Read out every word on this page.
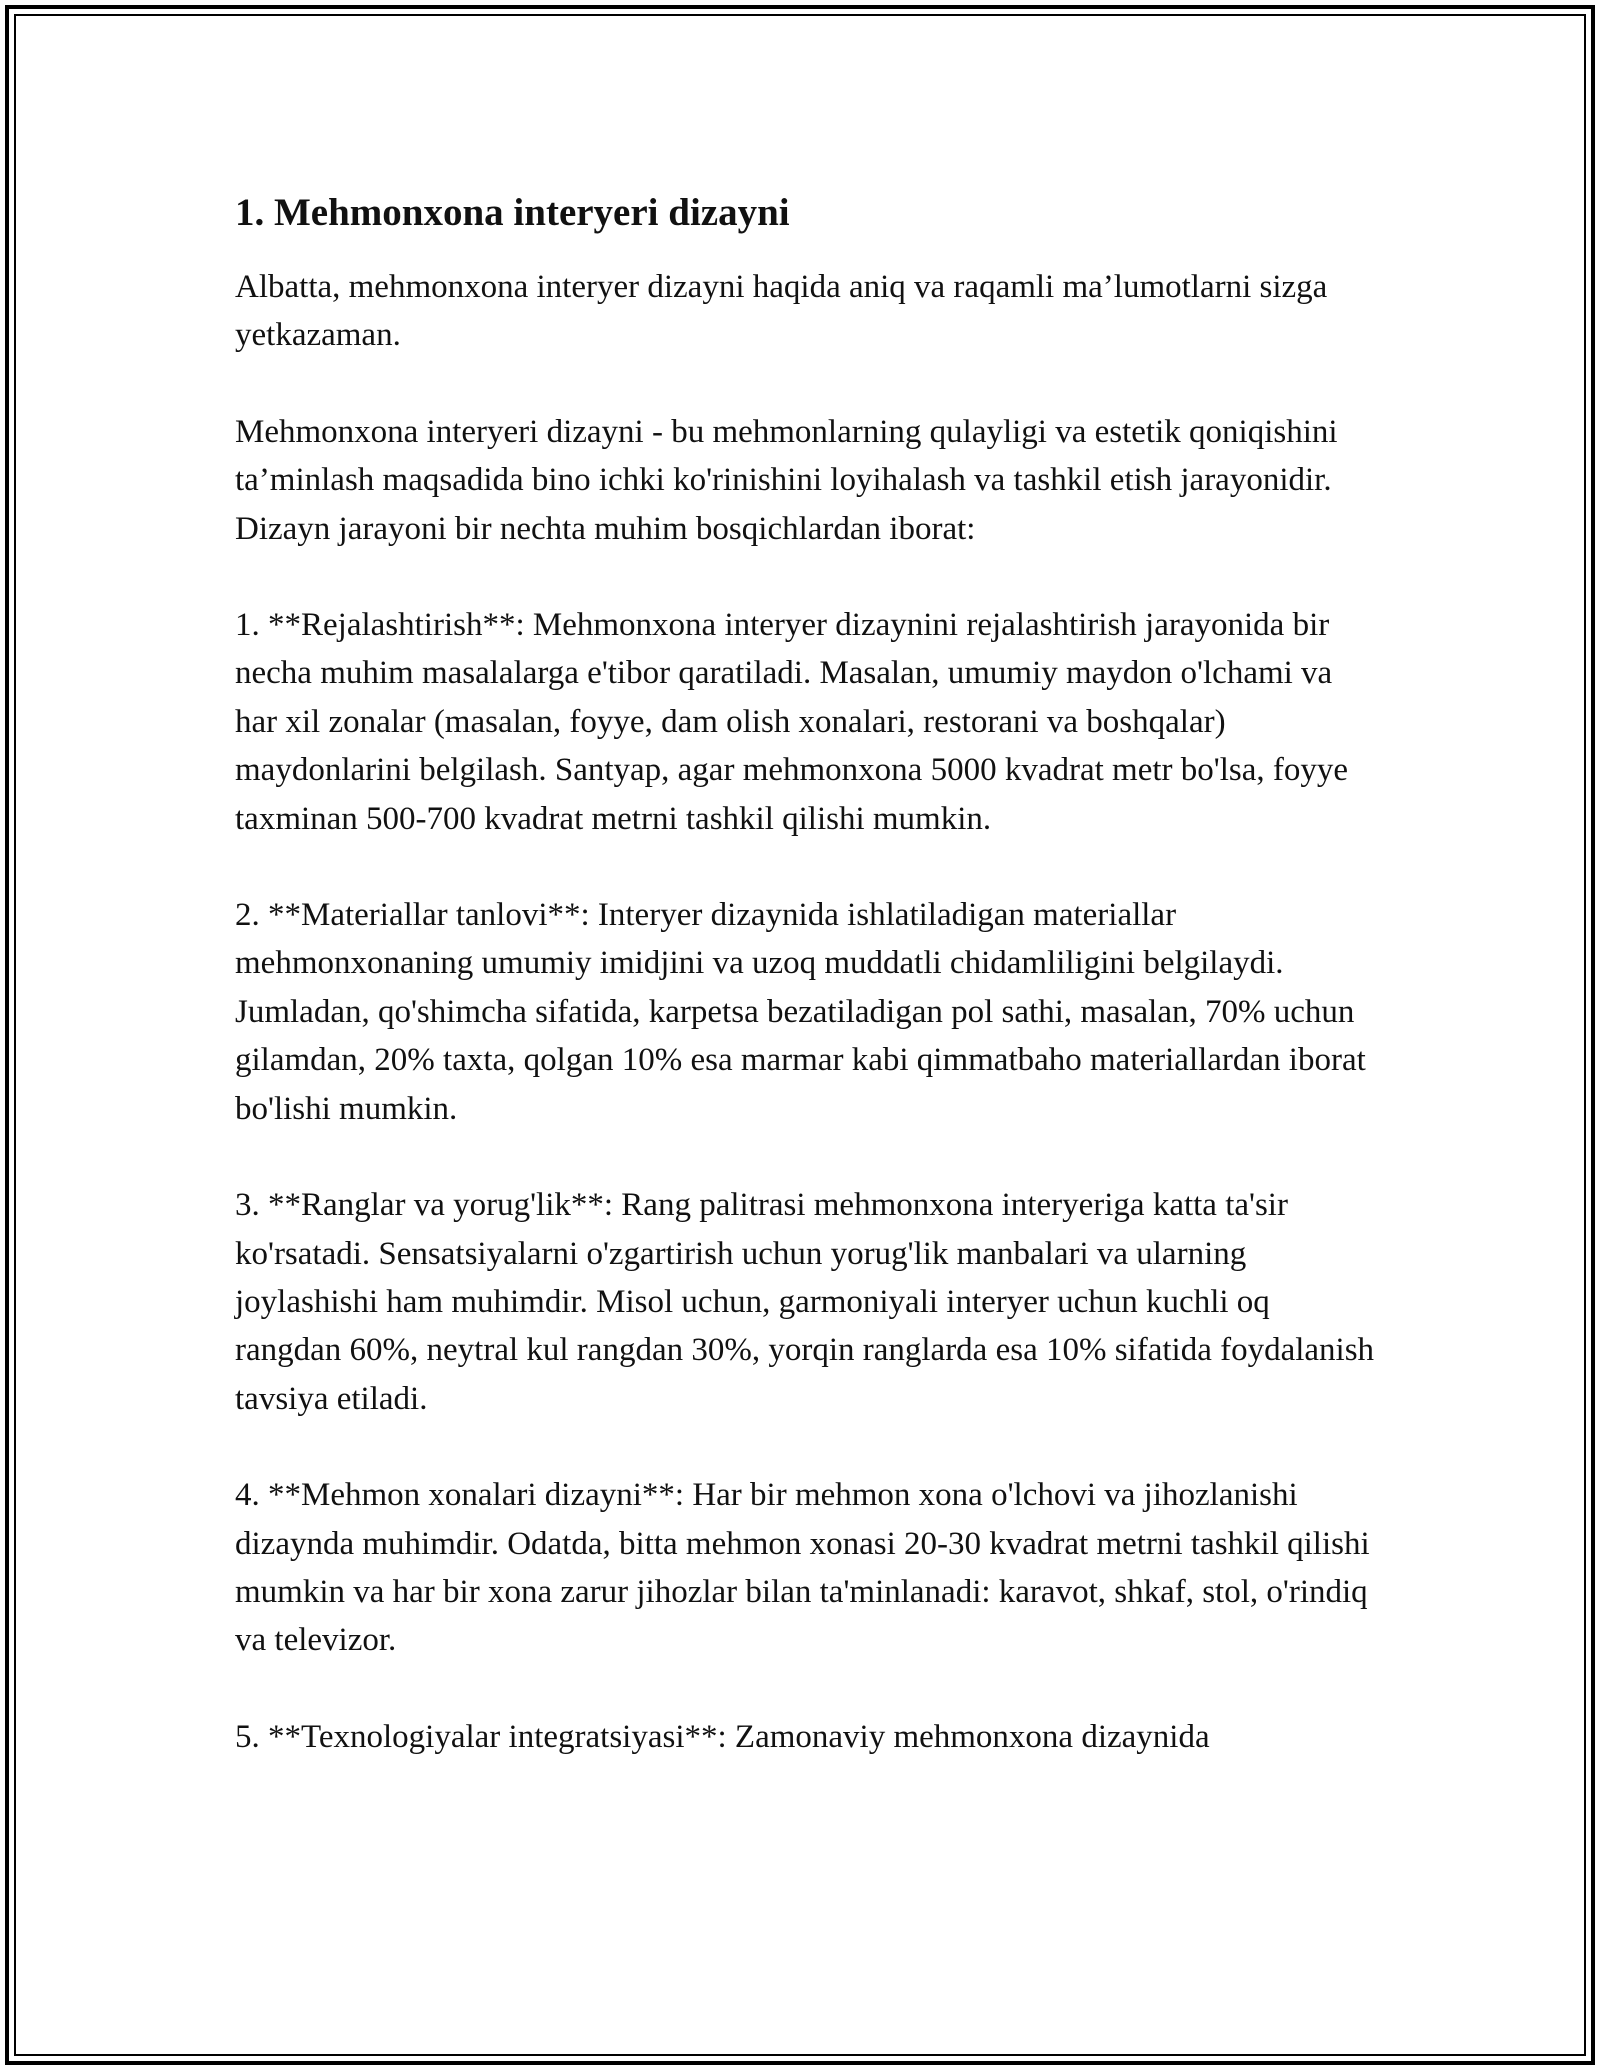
1. Mehmonxona interyeri dizayni

Albatta, mehmonxona interyer dizayni haqida aniq va raqamli ma’lumotlarni sizga yetkazaman.

Mehmonxona interyeri dizayni - bu mehmonlarning qulayligi va estetik qoniqishini ta’minlash maqsadida bino ichki ko'rinishini loyihalash va tashkil etish jarayonidir. Dizayn jarayoni bir nechta muhim bosqichlardan iborat:

1. **Rejalashtirish**: Mehmonxona interyer dizaynini rejalashtirish jarayonida bir necha muhim masalalarga e'tibor qaratiladi. Masalan, umumiy maydon o'lchami va har xil zonalar (masalan, foyye, dam olish xonalari, restorani va boshqalar) maydonlarini belgilash. Santyap, agar mehmonxona 5000 kvadrat metr bo'lsa, foyye taxminan 500-700 kvadrat metrni tashkil qilishi mumkin.

2. **Materiallar tanlovi**: Interyer dizaynida ishlatiladigan materiallar mehmonxonaning umumiy imidjini va uzoq muddatli chidamliligini belgilaydi. Jumladan, qo'shimcha sifatida, karpetsa bezatiladigan pol sathi, masalan, 70% uchun gilamdan, 20% taxta, qolgan 10% esa marmar kabi qimmatbaho materiallardan iborat bo'lishi mumkin.

3. **Ranglar va yorug'lik**: Rang palitrasi mehmonxona interyeriga katta ta'sir ko'rsatadi. Sensatsiyalarni o'zgartirish uchun yorug'lik manbalari va ularning joylashishi ham muhimdir. Misol uchun, garmoniyali interyer uchun kuchli oq rangdan 60%, neytral kul rangdan 30%, yorqin ranglarda esa 10% sifatida foydalanish tavsiya etiladi.

4. **Mehmon xonalari dizayni**: Har bir mehmon xona o'lchovi va jihozlanishi dizaynda muhimdir. Odatda, bitta mehmon xonasi 20-30 kvadrat metrni tashkil qilishi mumkin va har bir xona zarur jihozlar bilan ta'minlanadi: karavot, shkaf, stol, o'rindiq va televizor.

5. **Texnologiyalar integratsiyasi**: Zamonaviy mehmonxona dizaynida
